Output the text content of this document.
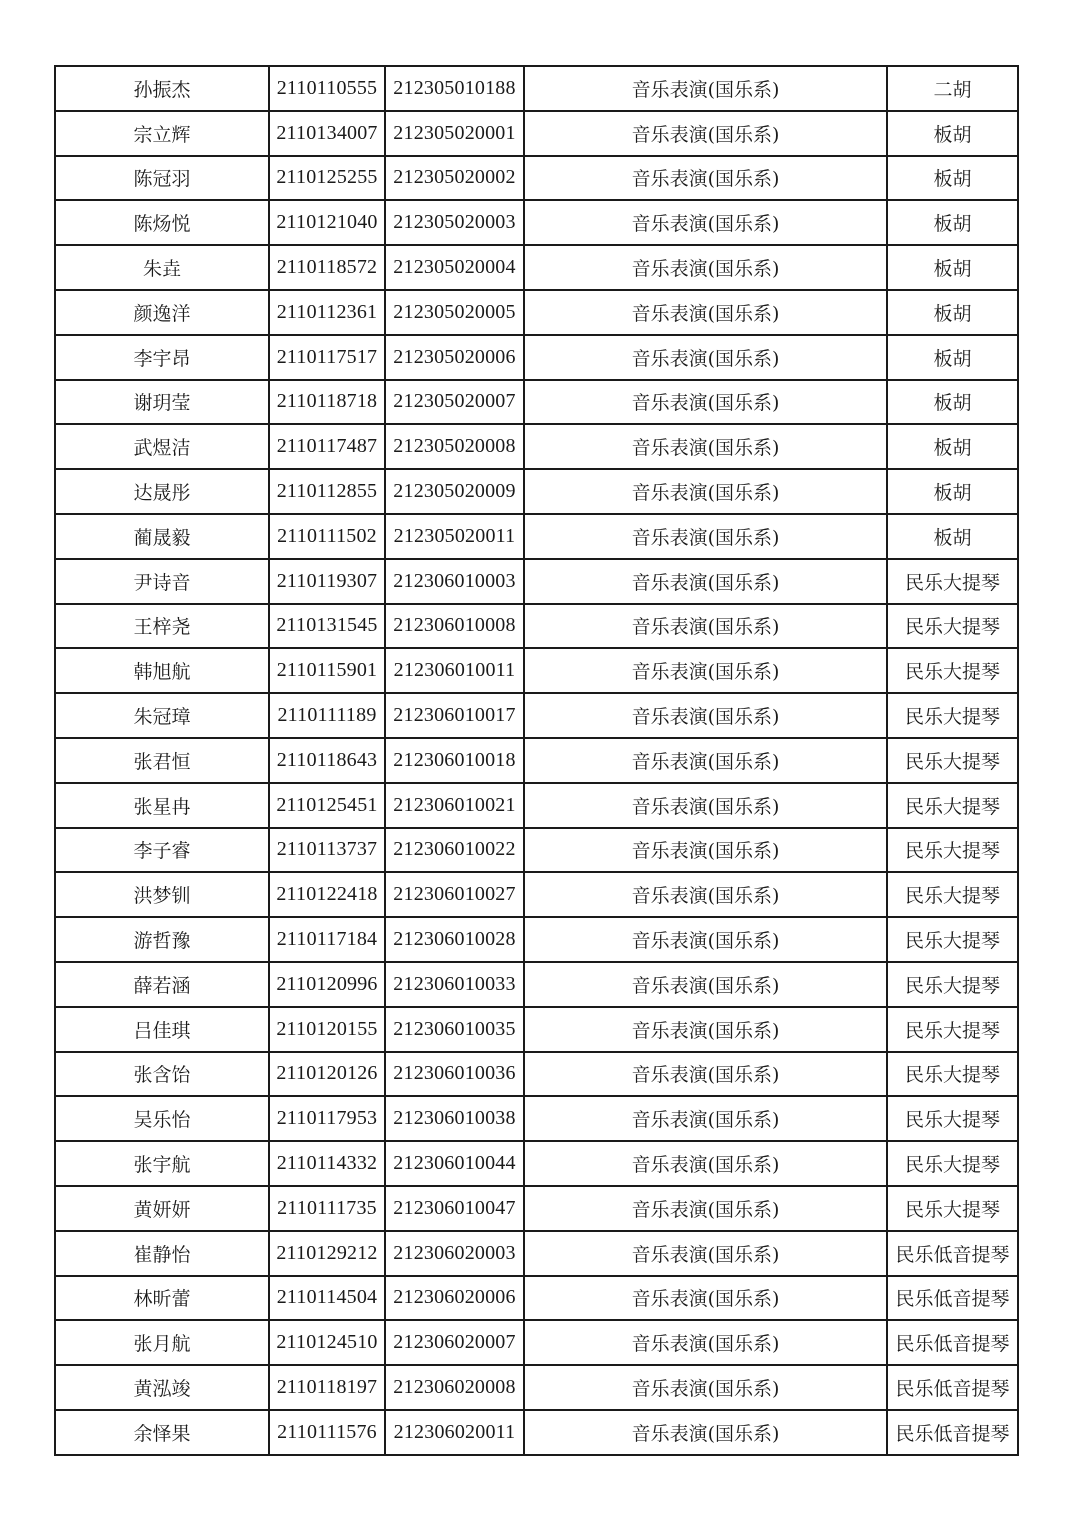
孙振杰	2110110555	212305010188	音乐表演(国乐系)	二胡
宗立辉	2110134007	212305020001	音乐表演(国乐系)	板胡
陈冠羽	2110125255	212305020002	音乐表演(国乐系)	板胡
陈炀悦	2110121040	212305020003	音乐表演(国乐系)	板胡
朱垚	2110118572	212305020004	音乐表演(国乐系)	板胡
颜逸洋	2110112361	212305020005	音乐表演(国乐系)	板胡
李宇昂	2110117517	212305020006	音乐表演(国乐系)	板胡
谢玥莹	2110118718	212305020007	音乐表演(国乐系)	板胡
武煜洁	2110117487	212305020008	音乐表演(国乐系)	板胡
达晟彤	2110112855	212305020009	音乐表演(国乐系)	板胡
蔺晟毅	2110111502	212305020011	音乐表演(国乐系)	板胡
尹诗音	2110119307	212306010003	音乐表演(国乐系)	民乐大提琴
王梓尧	2110131545	212306010008	音乐表演(国乐系)	民乐大提琴
韩旭航	2110115901	212306010011	音乐表演(国乐系)	民乐大提琴
朱冠璋	2110111189	212306010017	音乐表演(国乐系)	民乐大提琴
张君恒	2110118643	212306010018	音乐表演(国乐系)	民乐大提琴
张星冉	2110125451	212306010021	音乐表演(国乐系)	民乐大提琴
李子睿	2110113737	212306010022	音乐表演(国乐系)	民乐大提琴
洪梦钏	2110122418	212306010027	音乐表演(国乐系)	民乐大提琴
游哲豫	2110117184	212306010028	音乐表演(国乐系)	民乐大提琴
薛若涵	2110120996	212306010033	音乐表演(国乐系)	民乐大提琴
吕佳琪	2110120155	212306010035	音乐表演(国乐系)	民乐大提琴
张含饴	2110120126	212306010036	音乐表演(国乐系)	民乐大提琴
吴乐怡	2110117953	212306010038	音乐表演(国乐系)	民乐大提琴
张宇航	2110114332	212306010044	音乐表演(国乐系)	民乐大提琴
黄妍妍	2110111735	212306010047	音乐表演(国乐系)	民乐大提琴
崔静怡	2110129212	212306020003	音乐表演(国乐系)	民乐低音提琴
林昕蕾	2110114504	212306020006	音乐表演(国乐系)	民乐低音提琴
张月航	2110124510	212306020007	音乐表演(国乐系)	民乐低音提琴
黄泓竣	2110118197	212306020008	音乐表演(国乐系)	民乐低音提琴
余怿果	2110111576	212306020011	音乐表演(国乐系)	民乐低音提琴
